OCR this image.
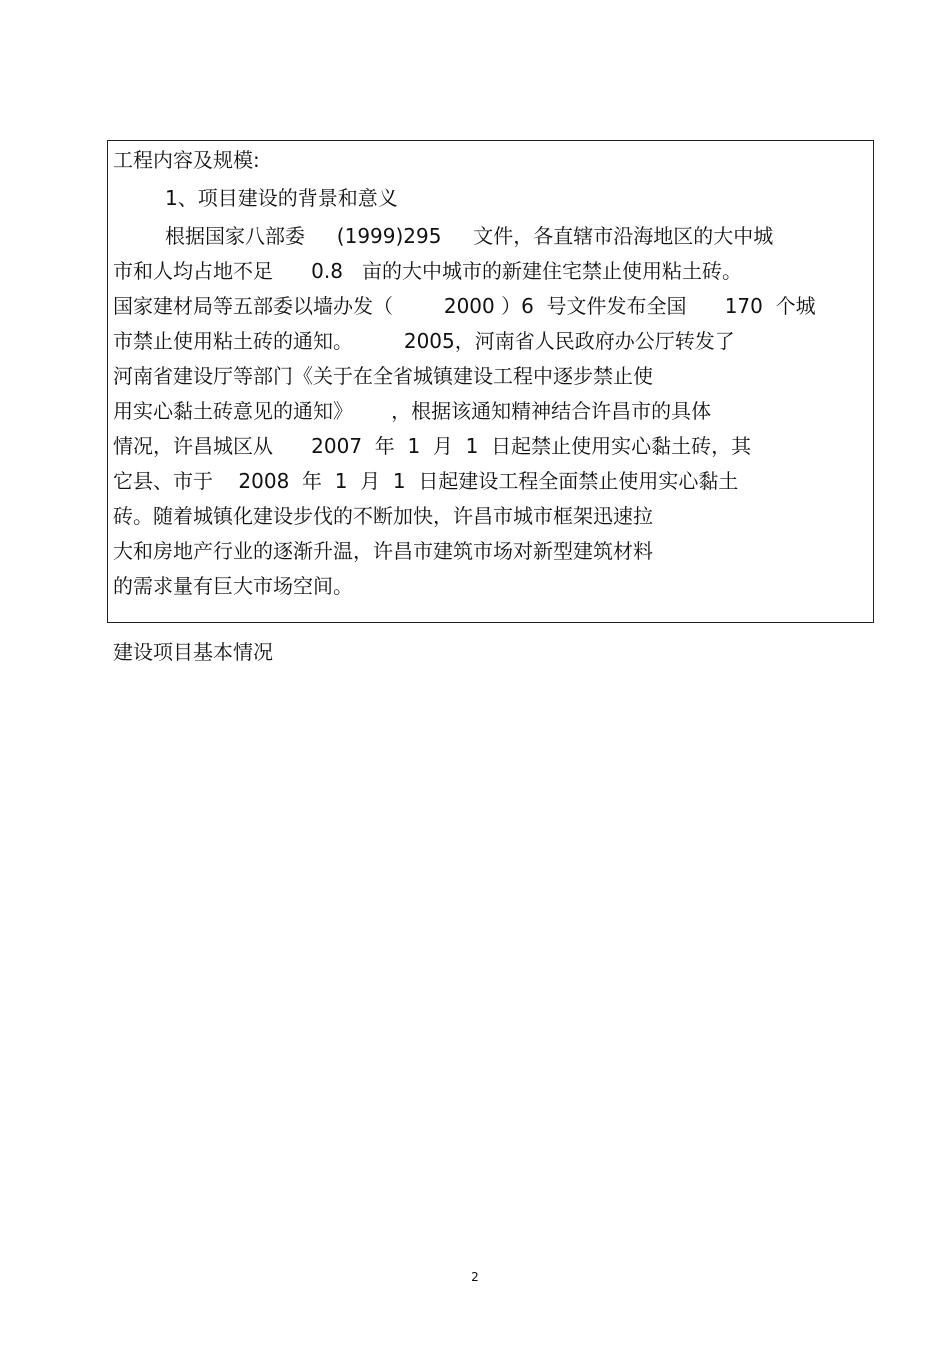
工程内容及规模:
1、项目建设的背景和意义
根据国家八部委     (1999)295     文件，各直辖市沿海地区的大中城
市和人均占地不足      0.8   亩的大中城市的新建住宅禁止使用粘土砖。
国家建材局等五部委以墙办发（        2000 ）6  号文件发布全国      170  个城
市禁止使用粘土砖的通知。        2005，河南省人民政府办公厅转发了
河南省建设厅等部门《关于在全省城镇建设工程中逐步禁止使
用实心黏土砖意见的通知》      ，根据该通知精神结合许昌市的具体
情况，许昌城区从      2007  年  1  月  1  日起禁止使用实心黏土砖，其
它县、市于    2008  年  1  月  1  日起建设工程全面禁止使用实心黏土
砖。随着城镇化建设步伐的不断加快，许昌市城市框架迅速拉
大和房地产行业的逐渐升温，许昌市建筑市场对新型建筑材料
的需求量有巨大市场空间。
建设项目基本情况
2
